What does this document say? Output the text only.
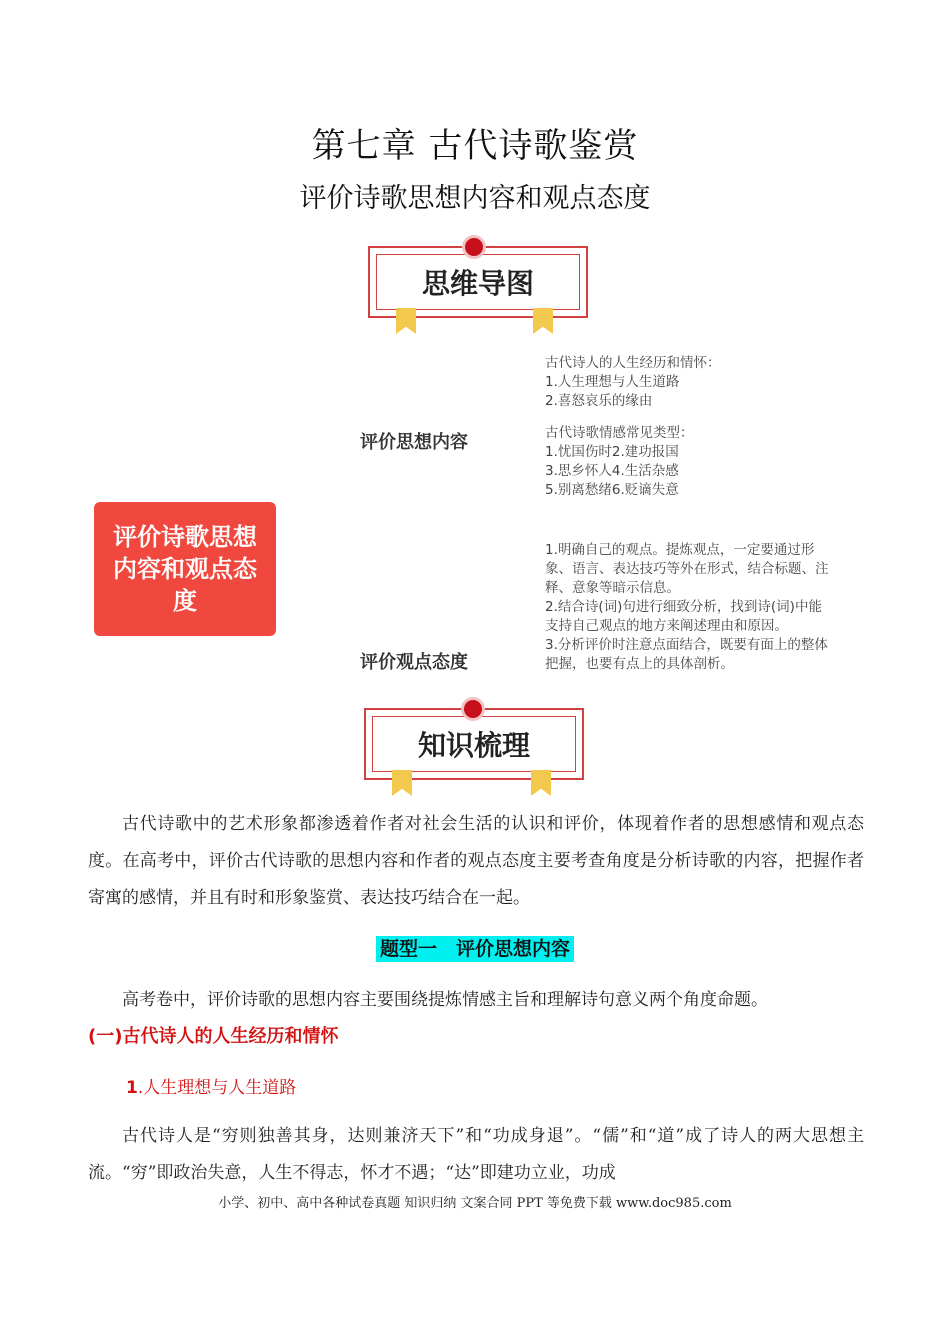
第七章 古代诗歌鉴赏
评价诗歌思想内容和观点态度
思维导图
评价诗歌思想内容和观点态度
评价思想内容
评价观点态度
古代诗人的人生经历和情怀：
1.人生理想与人生道路
2.喜怒哀乐的缘由
古代诗歌情感常见类型：
1.忧国伤时2.建功报国
3.思乡怀人4.生活杂感
5.别离愁绪6.贬谪失意
1.明确自己的观点。提炼观点，一定要通过形
象、语言、表达技巧等外在形式，结合标题、注
释、意象等暗示信息。
2.结合诗(词)句进行细致分析，找到诗(词)中能
支持自己观点的地方来阐述理由和原因。
3.分析评价时注意点面结合，既要有面上的整体
把握，也要有点上的具体剖析。
知识梳理
古代诗歌中的艺术形象都渗透着作者对社会生活的认识和评价，体现着作者的思想感情和观点态度。在高考中，评价古代诗歌的思想内容和作者的观点态度主要考查角度是分析诗歌的内容，把握作者寄寓的感情，并且有时和形象鉴赏、表达技巧结合在一起。
题型一　评价思想内容
高考卷中，评价诗歌的思想内容主要围绕提炼情感主旨和理解诗句意义两个角度命题。
(一)古代诗人的人生经历和情怀
1.人生理想与人生道路
古代诗人是“穷则独善其身，达则兼济天下”和“功成身退”。“儒”和“道”成了诗人的两大思想主流。“穷”即政治失意，人生不得志，怀才不遇；“达”即建功立业，功成
小学、初中、高中各种试卷真题 知识归纳 文案合同 PPT 等免费下载 www.doc985.com
